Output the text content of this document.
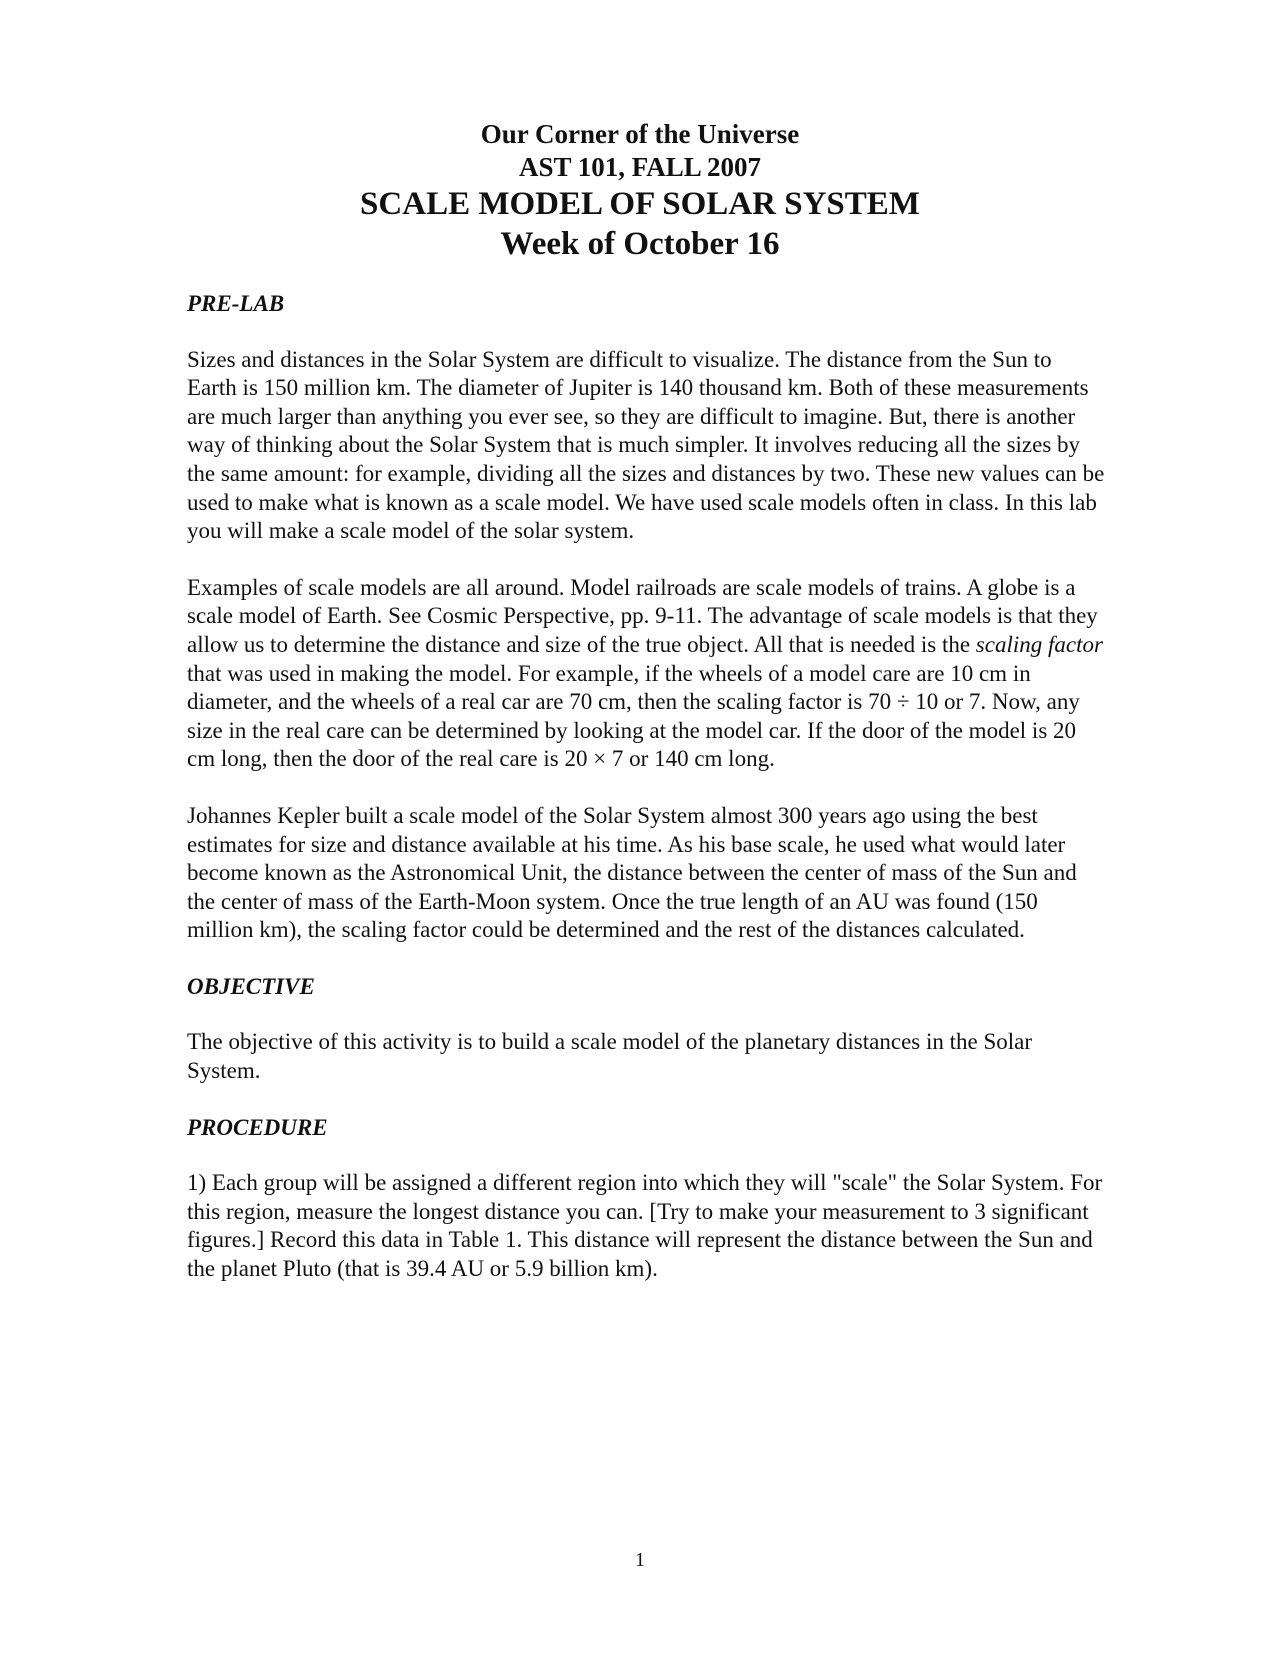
Our Corner of the Universe
AST 101, FALL 2007
SCALE MODEL OF SOLAR SYSTEM
Week of October 16
PRE-LAB

Sizes and distances in the Solar System are difficult to visualize. The distance from the Sun to Earth is 150 million km. The diameter of Jupiter is 140 thousand km. Both of these measurements are much larger than anything you ever see, so they are difficult to imagine. But, there is another way of thinking about the Solar System that is much simpler. It involves reducing all the sizes by the same amount: for example, dividing all the sizes and distances by two. These new values can be used to make what is known as a scale model. We have used scale models often in class. In this lab you will make a scale model of the solar system.

Examples of scale models are all around. Model railroads are scale models of trains. A globe is a scale model of Earth. See Cosmic Perspective, pp. 9-11. The advantage of scale models is that they allow us to determine the distance and size of the true object. All that is needed is the scaling factor that was used in making the model. For example, if the wheels of a model care are 10 cm in diameter, and the wheels of a real car are 70 cm, then the scaling factor is 70 ÷ 10 or 7. Now, any size in the real care can be determined by looking at the model car. If the door of the model is 20 cm long, then the door of the real care is 20 × 7 or 140 cm long.

Johannes Kepler built a scale model of the Solar System almost 300 years ago using the best estimates for size and distance available at his time. As his base scale, he used what would later become known as the Astronomical Unit, the distance between the center of mass of the Sun and the center of mass of the Earth-Moon system. Once the true length of an AU was found (150 million km), the scaling factor could be determined and the rest of the distances calculated.

OBJECTIVE

The objective of this activity is to build a scale model of the planetary distances in the Solar System.

PROCEDURE

1) Each group will be assigned a different region into which they will "scale" the Solar System. For this region, measure the longest distance you can. [Try to make your measurement to 3 significant figures.] Record this data in Table 1. This distance will represent the distance between the Sun and the planet Pluto (that is 39.4 AU or 5.9 billion km).

1
